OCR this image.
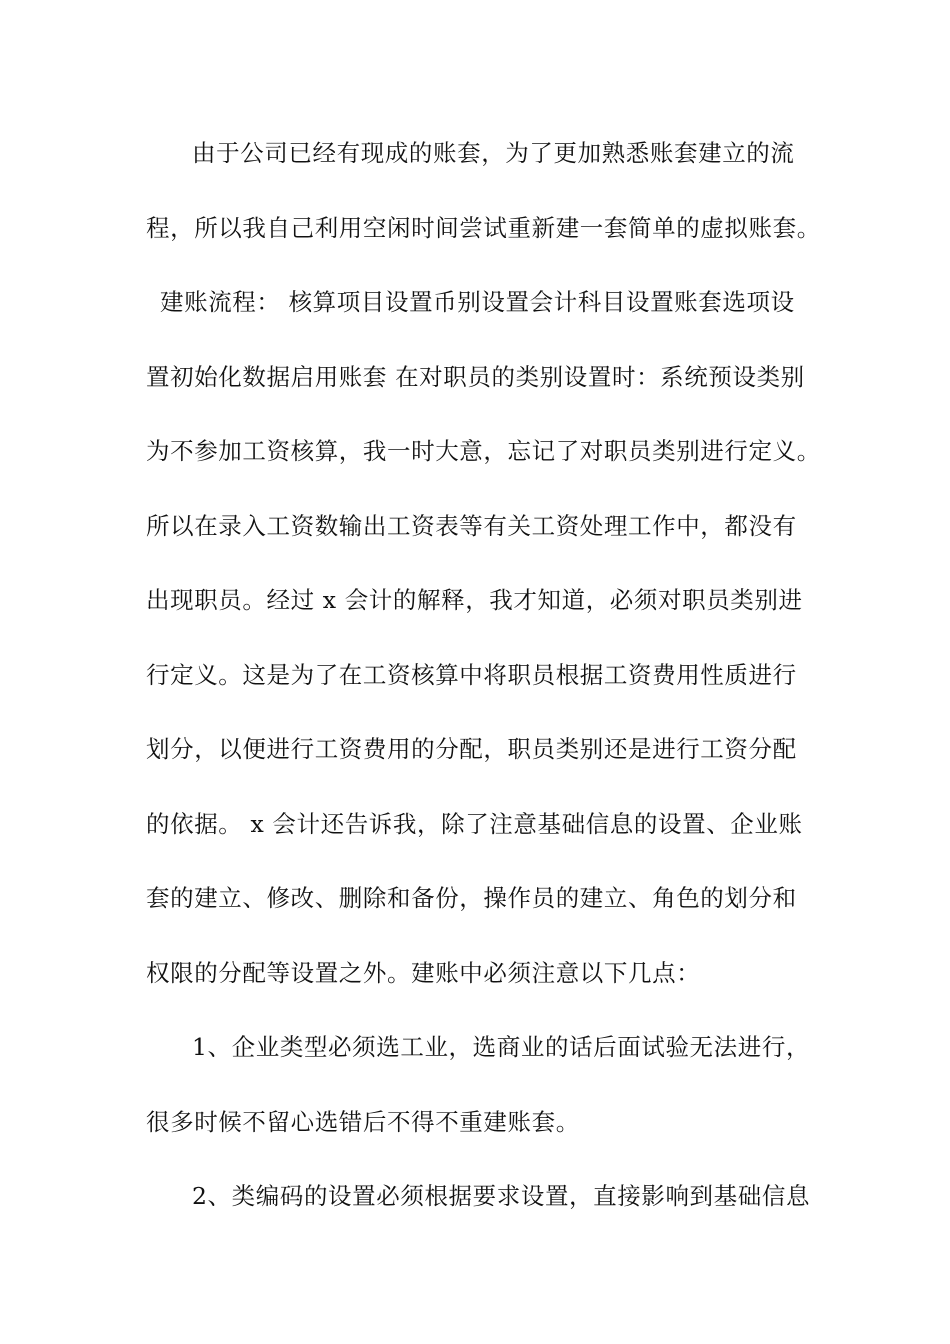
由于公司已经有现成的账套，为了更加熟悉账套建立的流
程，所以我自己利用空闲时间尝试重新建一套简单的虚拟账套。
建账流程： 核算项目设置币别设置会计科目设置账套选项设
置初始化数据启用账套 在对职员的类别设置时：系统预设类别
为不参加工资核算，我一时大意，忘记了对职员类别进行定义。
所以在录入工资数输出工资表等有关工资处理工作中，都没有
出现职员。经过 x 会计的解释，我才知道，必须对职员类别进
行定义。这是为了在工资核算中将职员根据工资费用性质进行
划分，以便进行工资费用的分配，职员类别还是进行工资分配
的依据。 x 会计还告诉我，除了注意基础信息的设置、企业账
套的建立、修改、删除和备份，操作员的建立、角色的划分和
权限的分配等设置之外。建账中必须注意以下几点：
1、企业类型必须选工业，选商业的话后面试验无法进行，
很多时候不留心选错后不得不重建账套。
2、类编码的设置必须根据要求设置，直接影响到基础信息
